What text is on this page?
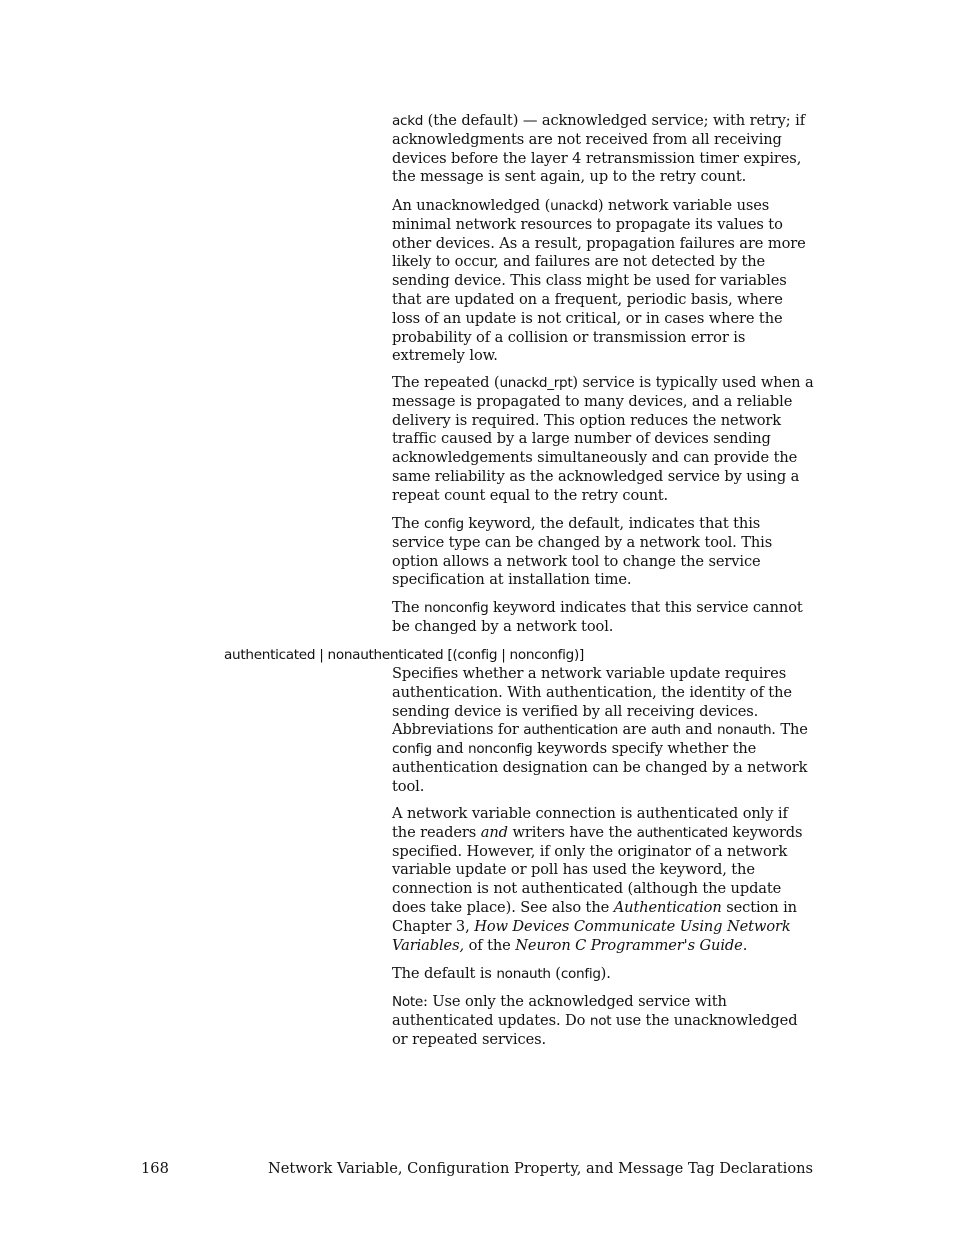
ackd (the default) — acknowledged service; with retry; if acknowledgments are not received from all receiving devices before the layer 4 retransmission timer expires, the message is sent again, up to the retry count.

An unacknowledged (unackd) network variable uses minimal network resources to propagate its values to other devices. As a result, propagation failures are more likely to occur, and failures are not detected by the sending device. This class might be used for variables that are updated on a frequent, periodic basis, where loss of an update is not critical, or in cases where the probability of a collision or transmission error is extremely low.

The repeated (unackd_rpt) service is typically used when a message is propagated to many devices, and a reliable delivery is required. This option reduces the network traffic caused by a large number of devices sending acknowledgements simultaneously and can provide the same reliability as the acknowledged service by using a repeat count equal to the retry count.

The config keyword, the default, indicates that this service type can be changed by a network tool. This option allows a network tool to change the service specification at installation time.

The nonconfig keyword indicates that this service cannot be changed by a network tool.

authenticated | nonauthenticated [(config | nonconfig)]

Specifies whether a network variable update requires authentication. With authentication, the identity of the sending device is verified by all receiving devices. Abbreviations for authentication are auth and nonauth. The config and nonconfig keywords specify whether the authentication designation can be changed by a network tool.

A network variable connection is authenticated only if the readers and writers have the authenticated keywords specified. However, if only the originator of a network variable update or poll has used the keyword, the connection is not authenticated (although the update does take place). See also the Authentication section in Chapter 3, How Devices Communicate Using Network Variables, of the Neuron C Programmer's Guide.

The default is nonauth (config).

Note: Use only the acknowledged service with authenticated updates. Do not use the unacknowledged or repeated services.

168	Network Variable, Configuration Property, and Message Tag Declarations
